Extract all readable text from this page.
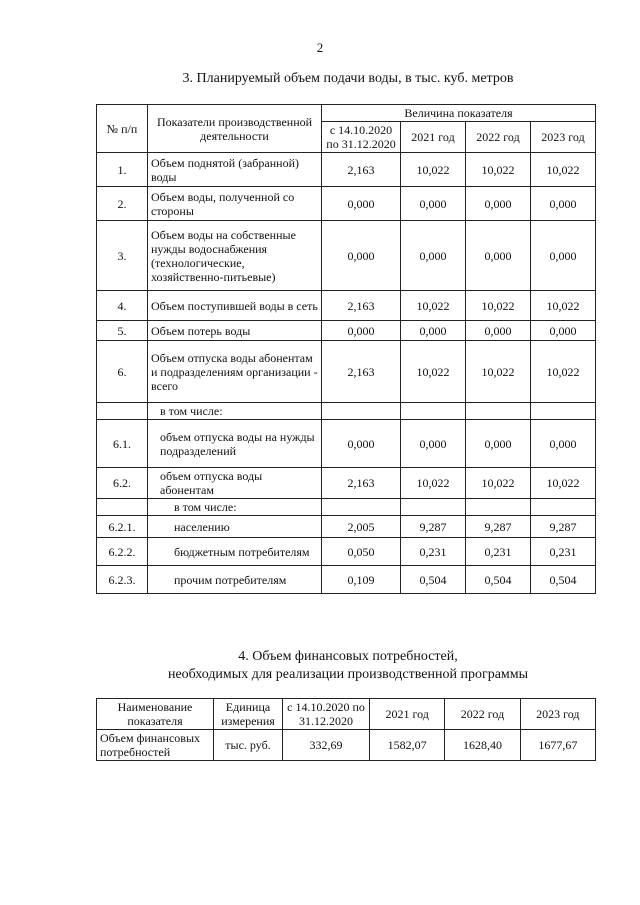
2
3. Планируемый объем подачи воды, в тыс. куб. метров
№ п/п	Показатели производственной деятельности	Величина показателя			
		с 14.10.2020 по 31.12.2020	2021 год	2022 год	2023 год
1.	Объем поднятой (забранной) воды	2,163	10,022	10,022	10,022
2.	Объем воды, полученной со стороны	0,000	0,000	0,000	0,000
3.	Объем воды на собственные нужды водоснабжения (технологические, хозяйственно-питьевые)	0,000	0,000	0,000	0,000
4.	Объем поступившей воды в сеть	2,163	10,022	10,022	10,022
5.	Объем потерь воды	0,000	0,000	0,000	0,000
6.	Объем отпуска воды абонентам и подразделениям организации - всего	2,163	10,022	10,022	10,022
	в том числе:				
6.1.	объем отпуска воды на нужды подразделений	0,000	0,000	0,000	0,000
6.2.	объем отпуска воды абонентам	2,163	10,022	10,022	10,022
	в том числе:				
6.2.1.	населению	2,005	9,287	9,287	9,287
6.2.2.	бюджетным потребителям	0,050	0,231	0,231	0,231
6.2.3.	прочим потребителям	0,109	0,504	0,504	0,504
4. Объем финансовых потребностей,
необходимых для реализации производственной программы
Наименование показателя	Единица измерения	с 14.10.2020 по 31.12.2020	2021 год	2022 год	2023 год
Объем финансовых потребностей	тыс. руб.	332,69	1582,07	1628,40	1677,67
